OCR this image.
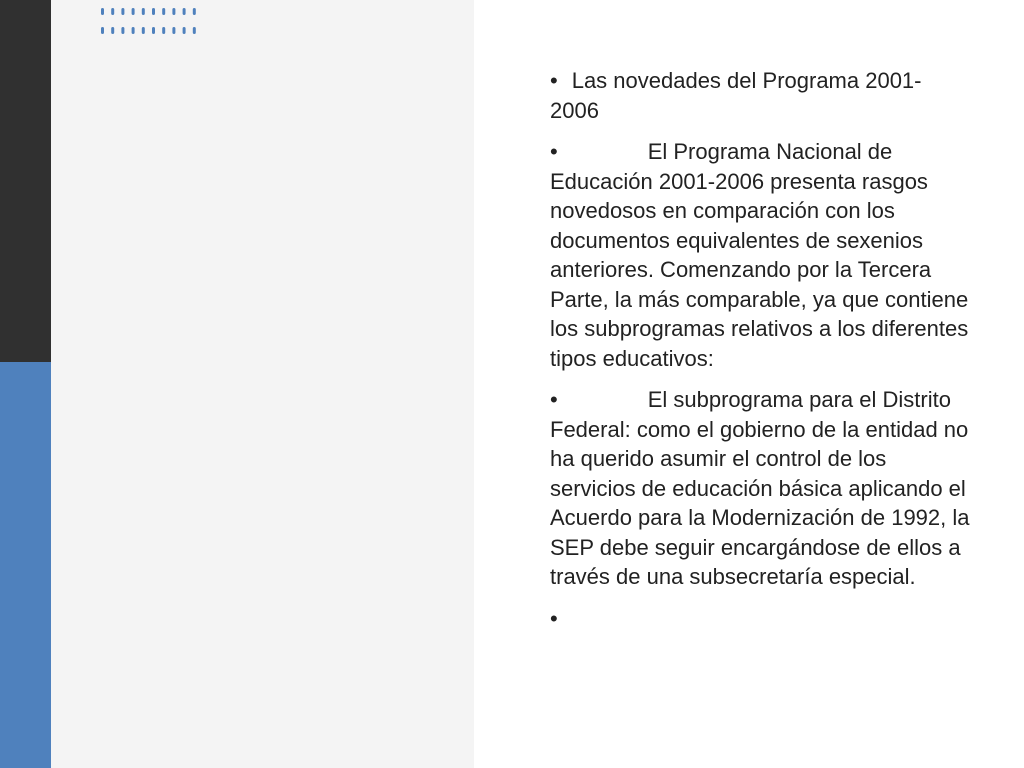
• Las novedades del Programa 2001-2006

•	El Programa Nacional de Educación 2001-2006 presenta rasgos novedosos en comparación con los documentos equivalentes de sexenios anteriores. Comenzando por la Tercera Parte, la más comparable, ya que contiene los subprogramas relativos a los diferentes tipos educativos:

•	El subprograma para el Distrito Federal: como el gobierno de la entidad no ha querido asumir el control de los servicios de educación básica aplicando el Acuerdo para la Modernización de 1992, la SEP debe seguir encargándose de ellos a través de una subsecretaría especial.

•
